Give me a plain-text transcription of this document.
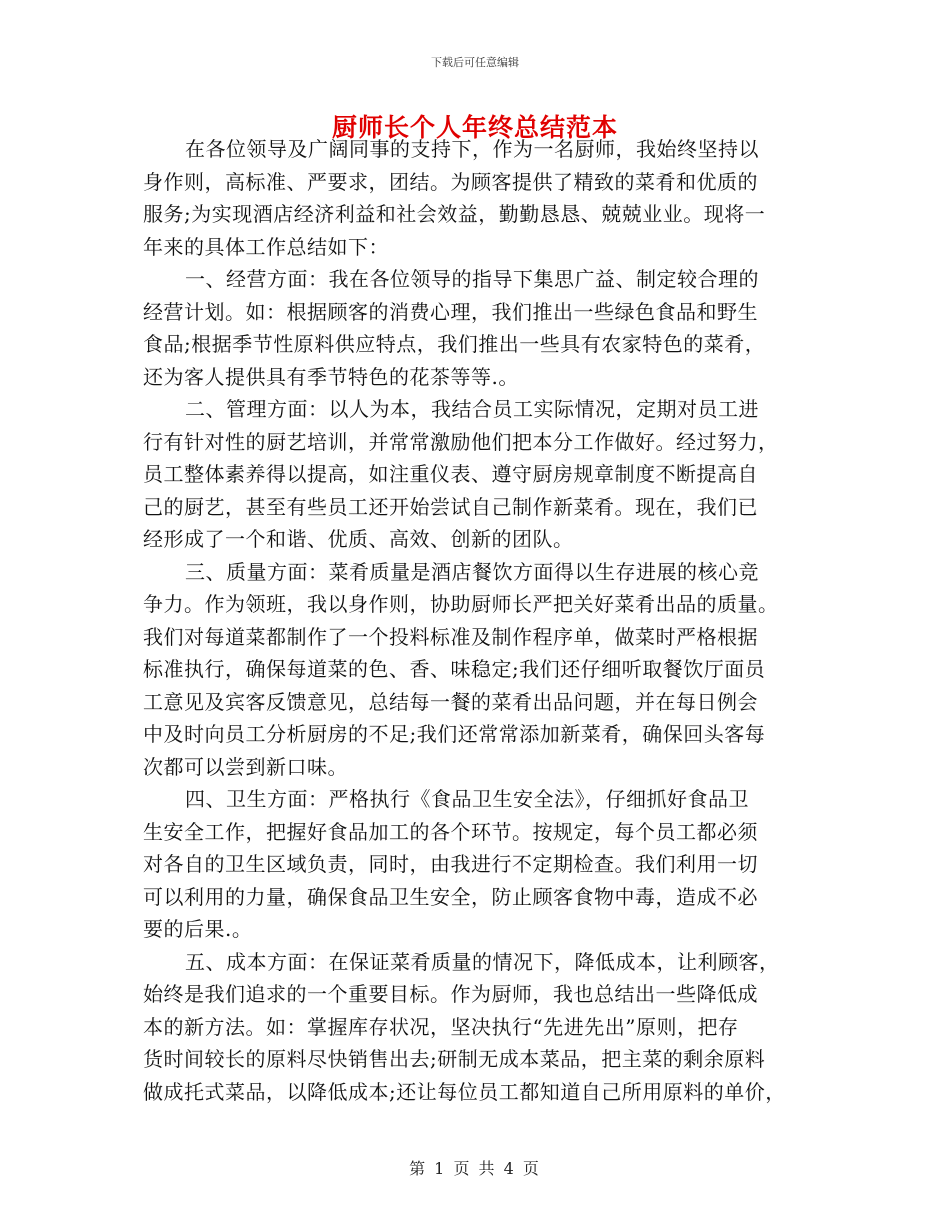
下载后可任意编辑
厨师长个人年终总结范本
在各位领导及广阔同事的支持下，作为一名厨师，我始终坚持以
身作则，高标准、严要求，团结。为顾客提供了精致的菜肴和优质的
服务;为实现酒店经济利益和社会效益，勤勤恳恳、兢兢业业。现将一
年来的具体工作总结如下：
一、经营方面：我在各位领导的指导下集思广益、制定较合理的
经营计划。如：根据顾客的消费心理，我们推出一些绿色食品和野生
食品;根据季节性原料供应特点，我们推出一些具有农家特色的菜肴，
还为客人提供具有季节特色的花茶等等.。
二、管理方面：以人为本，我结合员工实际情况，定期对员工进
行有针对性的厨艺培训，并常常激励他们把本分工作做好。经过努力，
员工整体素养得以提高，如注重仪表、遵守厨房规章制度不断提高自
己的厨艺，甚至有些员工还开始尝试自己制作新菜肴。现在，我们已
经形成了一个和谐、优质、高效、创新的团队。
三、质量方面：菜肴质量是酒店餐饮方面得以生存进展的核心竞
争力。作为领班，我以身作则，协助厨师长严把关好菜肴出品的质量。
我们对每道菜都制作了一个投料标准及制作程序单，做菜时严格根据
标准执行，确保每道菜的色、香、味稳定;我们还仔细听取餐饮厅面员
工意见及宾客反馈意见，总结每一餐的菜肴出品问题，并在每日例会
中及时向员工分析厨房的不足;我们还常常添加新菜肴，确保回头客每
次都可以尝到新口味。
四、卫生方面：严格执行《食品卫生安全法》，仔细抓好食品卫
生安全工作，把握好食品加工的各个环节。按规定，每个员工都必须
对各自的卫生区域负责，同时，由我进行不定期检查。我们利用一切
可以利用的力量，确保食品卫生安全，防止顾客食物中毒，造成不必
要的后果.。
五、成本方面：在保证菜肴质量的情况下，降低成本，让利顾客，
始终是我们追求的一个重要目标。作为厨师，我也总结出一些降低成
本的新方法。如：掌握库存状况，坚决执行“先进先出”原则，把存
货时间较长的原料尽快销售出去;研制无成本菜品，把主菜的剩余原料
做成托式菜品，以降低成本;还让每位员工都知道自己所用原料的单价，
第 1 页 共 4 页
